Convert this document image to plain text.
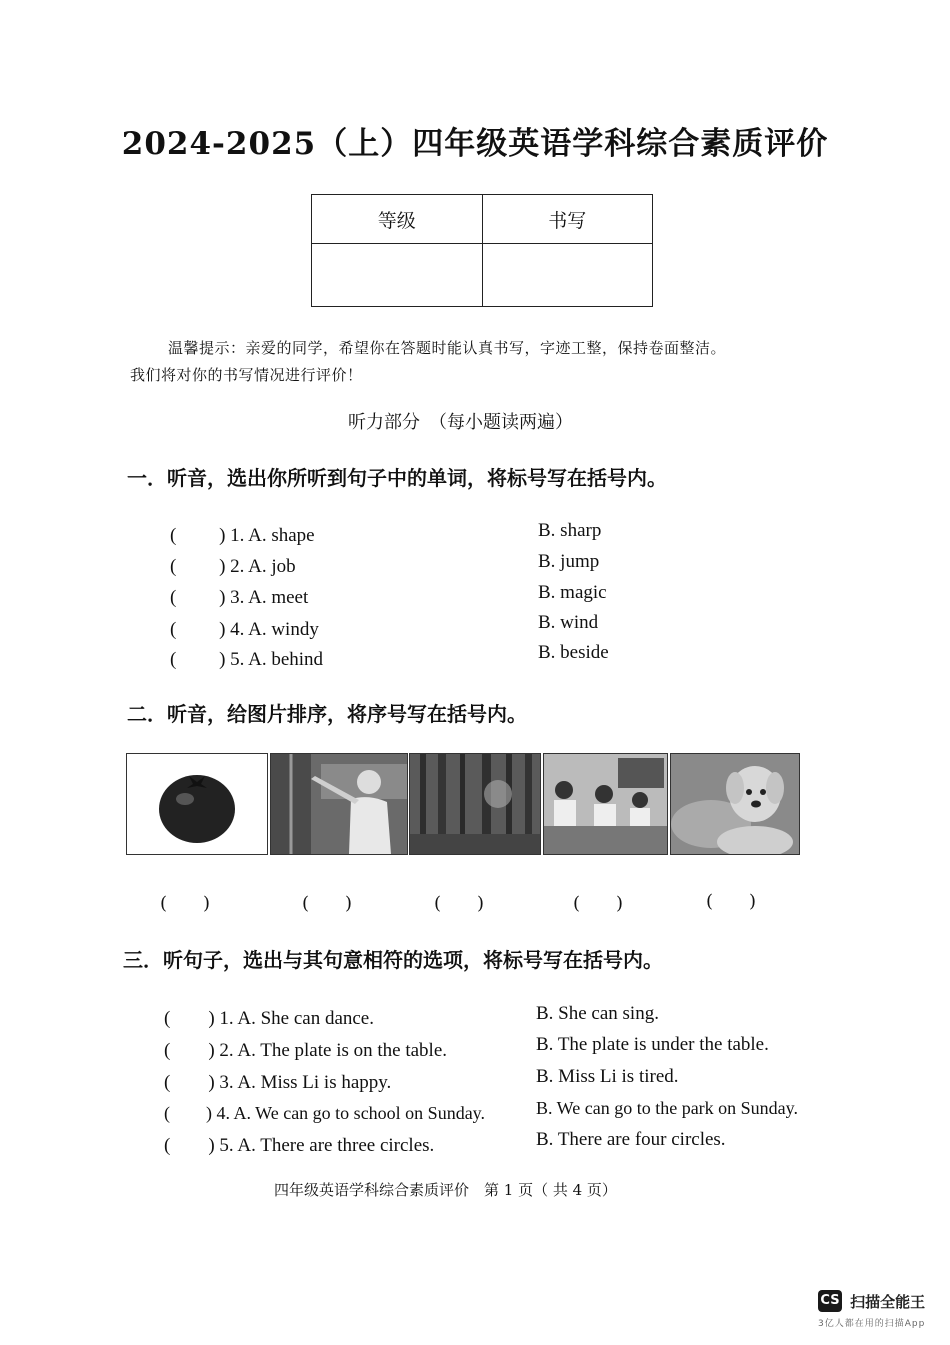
2024-2025（上）四年级英语学科综合素质评价
等级	书写

温馨提示：亲爱的同学，希望你在答题时能认真书写，字迹工整，保持卷面整洁。
我们将对你的书写情况进行评价！
听力部分　（每小题读两遍）
一．听音，选出你所听到句子中的单词，将标号写在括号内。
(　　 ) 1. A. shape	B. sharp
(　　 ) 2. A. job	B. jump
(　　 ) 3. A. meet	B. magic
(　　 ) 4. A. windy	B. wind
(　　 ) 5. A. behind	B. beside
二．听音，给图片排序，将序号写在括号内。
(　　)	(　　)	(　　)	(　　)	(　　)
三．听句子，选出与其句意相符的选项，将标号写在括号内。
(　　) 1. A. She can dance.	B. She can sing.
(　　) 2. A. The plate is on the table.	B. The plate is under the table.
(　　) 3. A. Miss Li is happy.	B. Miss Li is tired.
(　　) 4. A. We can go to school on Sunday.	B. We can go to the park on Sunday.
(　　) 5. A. There are three circles.	B. There are four circles.
四年级英语学科综合素质评价　第 1 页（ 共 4 页）
CS 扫描全能王
3亿人都在用的扫描App
